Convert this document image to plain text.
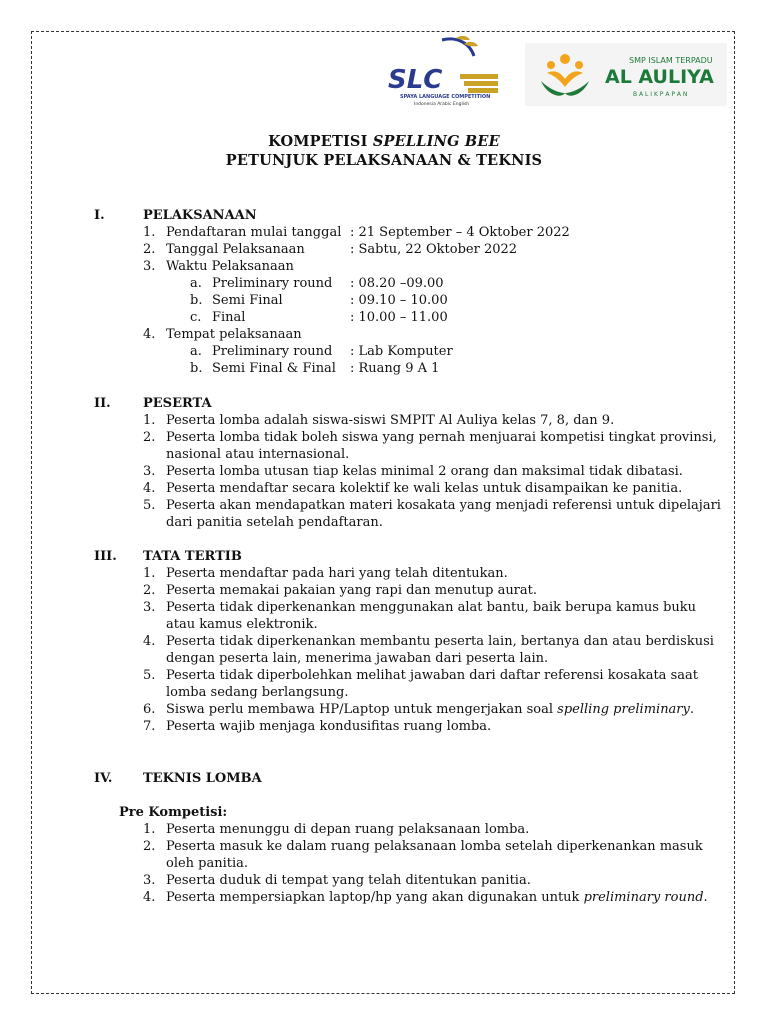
SLC
SPAYA LANGUAGE COMPETITION
Indonesia Arabic English
SMP ISLAM TERPADU
AL AULIYA
B A L I K P A P A N
KOMPETISI SPELLING BEE
PETUNJUK PELAKSANAAN & TEKNIS
I.	PELAKSANAAN
1. Pendaftaran mulai tanggal : 21 September – 4 Oktober 2022
2. Tanggal Pelaksanaan	: Sabtu, 22 Oktober 2022
3. Waktu Pelaksanaan
a. Preliminary round : 08.20 –09.00
b. Semi Final	: 09.10 – 10.00
c. Final	: 10.00 – 11.00
4. Tempat pelaksanaan
a. Preliminary round : Lab Komputer
b. Semi Final & Final : Ruang 9 A 1
II. PESERTA
1. Peserta lomba adalah siswa-siswi SMPIT Al Auliya kelas 7, 8, dan 9.
2. Peserta lomba tidak boleh siswa yang pernah menjuarai kompetisi tingkat provinsi,
nasional atau internasional.
3. Peserta lomba utusan tiap kelas minimal 2 orang dan maksimal tidak dibatasi.
4. Peserta mendaftar secara kolektif ke wali kelas untuk disampaikan ke panitia.
5. Peserta akan mendapatkan materi kosakata yang menjadi referensi untuk dipelajari
dari panitia setelah pendaftaran.
III. TATA TERTIB
1. Peserta mendaftar pada hari yang telah ditentukan.
2. Peserta memakai pakaian yang rapi dan menutup aurat.
3. Peserta tidak diperkenankan menggunakan alat bantu, baik berupa kamus buku
atau kamus elektronik.
4. Peserta tidak diperkenankan membantu peserta lain, bertanya dan atau berdiskusi
dengan peserta lain, menerima jawaban dari peserta lain.
5. Peserta tidak diperbolehkan melihat jawaban dari daftar referensi kosakata saat
lomba sedang berlangsung.
6. Siswa perlu membawa HP/Laptop untuk mengerjakan soal spelling preliminary.
7. Peserta wajib menjaga kondusifitas ruang lomba.
IV. TEKNIS LOMBA
Pre Kompetisi:
1. Peserta menunggu di depan ruang pelaksanaan lomba.
2. Peserta masuk ke dalam ruang pelaksanaan lomba setelah diperkenankan masuk
oleh panitia.
3. Peserta duduk di tempat yang telah ditentukan panitia.
4. Peserta mempersiapkan laptop/hp yang akan digunakan untuk preliminary round.
